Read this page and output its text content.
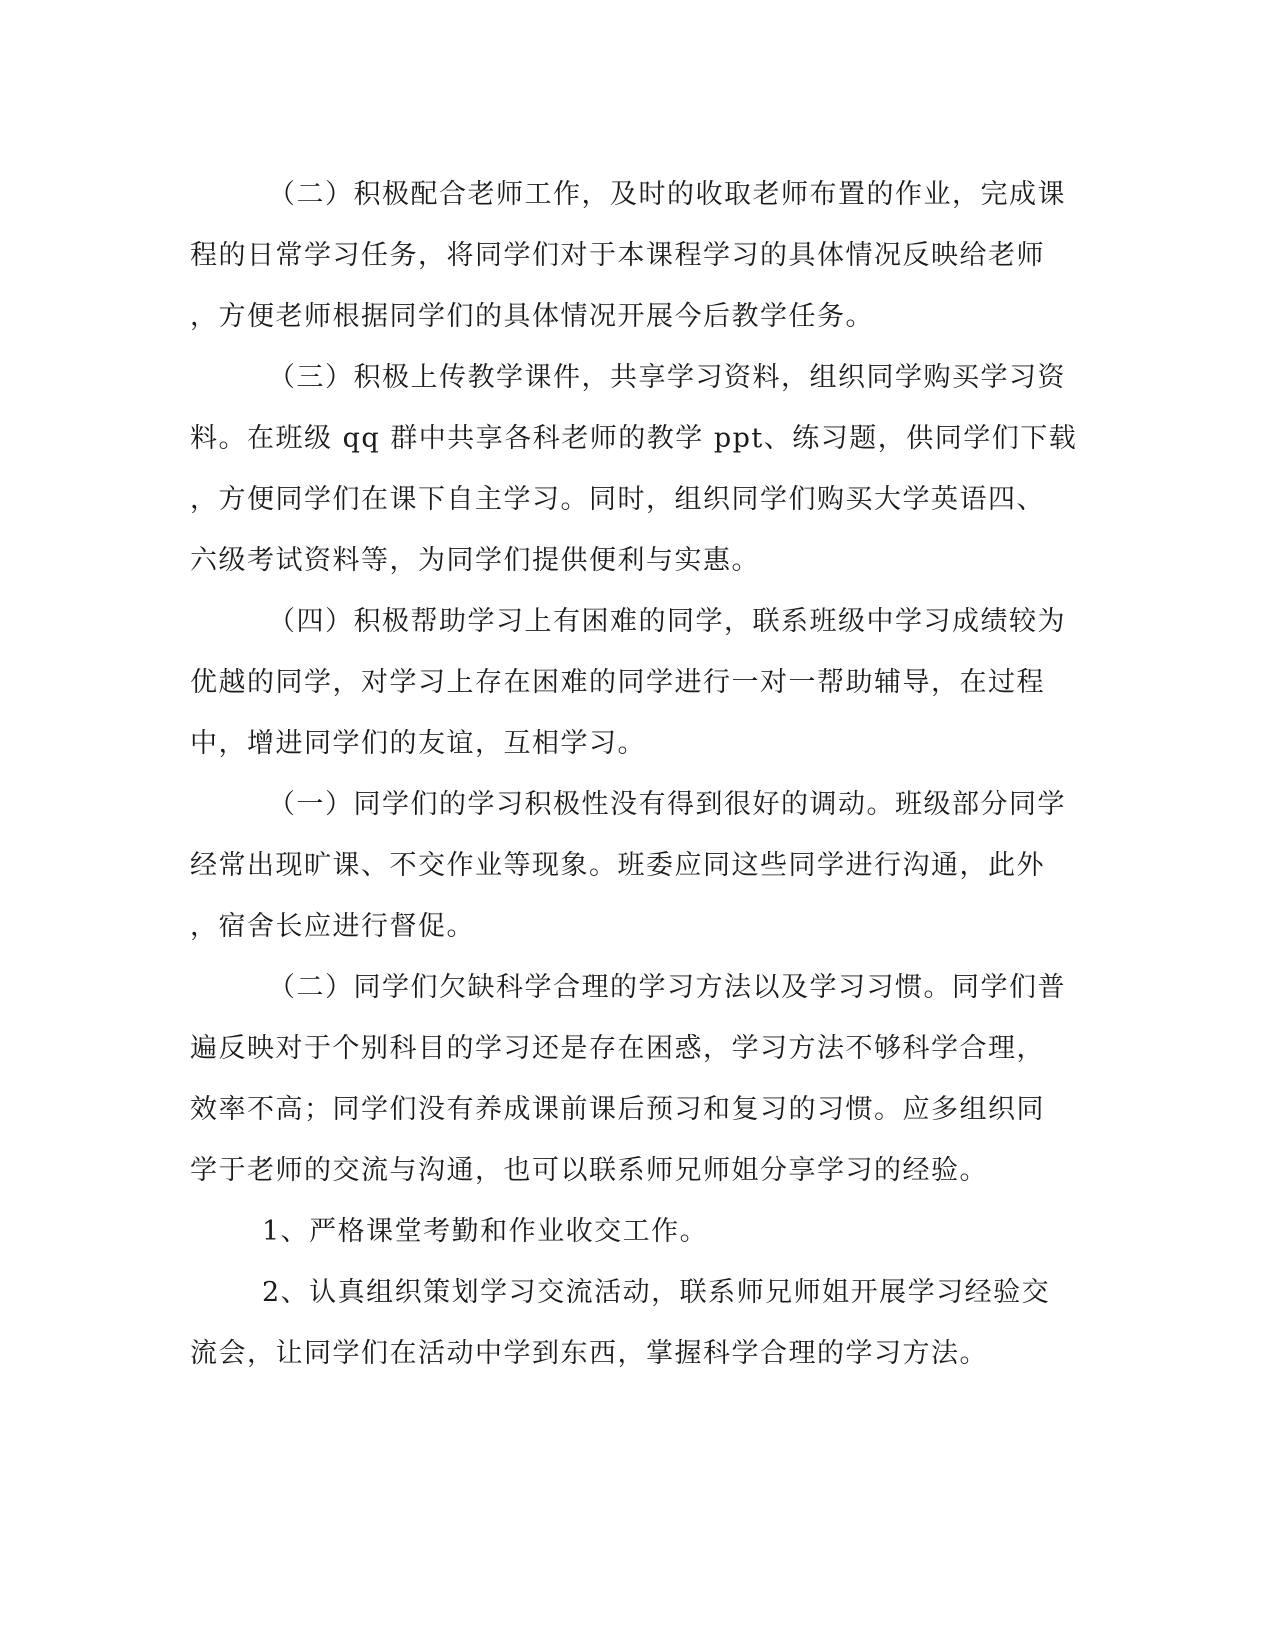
（二）积极配合老师工作，及时的收取老师布置的作业，完成课
程的日常学习任务，将同学们对于本课程学习的具体情况反映给老师
，方便老师根据同学们的具体情况开展今后教学任务。
（三）积极上传教学课件，共享学习资料，组织同学购买学习资
料。在班级 qq 群中共享各科老师的教学 ppt、练习题，供同学们下载
，方便同学们在课下自主学习。同时，组织同学们购买大学英语四、
六级考试资料等，为同学们提供便利与实惠。
（四）积极帮助学习上有困难的同学，联系班级中学习成绩较为
优越的同学，对学习上存在困难的同学进行一对一帮助辅导，在过程
中，增进同学们的友谊，互相学习。
（一）同学们的学习积极性没有得到很好的调动。班级部分同学
经常出现旷课、不交作业等现象。班委应同这些同学进行沟通，此外
，宿舍长应进行督促。
（二）同学们欠缺科学合理的学习方法以及学习习惯。同学们普
遍反映对于个别科目的学习还是存在困惑，学习方法不够科学合理，
效率不高；同学们没有养成课前课后预习和复习的习惯。应多组织同
学于老师的交流与沟通，也可以联系师兄师姐分享学习的经验。
1、严格课堂考勤和作业收交工作。
2、认真组织策划学习交流活动，联系师兄师姐开展学习经验交
流会，让同学们在活动中学到东西，掌握科学合理的学习方法。
